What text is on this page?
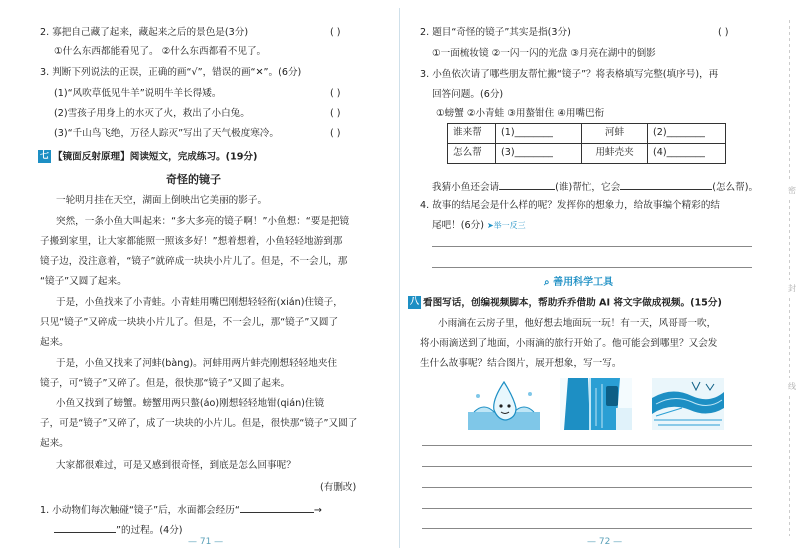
2. 寡把自己藏了起来，藏起来之后的景色是(3分)	( )
①什么东西都能看见了。 ②什么东西都看不见了。
3. 判断下列说法的正误，正确的画“√”，错误的画“✕”。(6分)
(1)“风吹草低见牛羊”说明牛羊长得矮。	( )
(2)雪孩子用身上的水灭了火，救出了小白兔。	( )
(3)“千山鸟飞绝，万径人踪灭”写出了天气极度寒冷。	( )
七 【镜面反射原理】阅读短文，完成练习。(19分)
奇怪的镜子
一轮明月挂在天空，湖面上倒映出它美丽的影子。
突然，一条小鱼大叫起来：“多大多亮的镜子啊！”小鱼想：“要是把镜
子搬到家里，让大家都能照一照该多好！”想着想着，小鱼轻轻地游到那
镜子边，没注意着，“镜子”就碎成一块块小片儿了。但是，不一会儿，那
“镜子”又圆了起来。
于是，小鱼找来了小青蛙。小青蛙用嘴巴刚想轻轻衔(xián)住镜子，
只见“镜子”又碎成一块块小片儿了。但是，不一会儿，那“镜子”又圆了
起来。
于是，小鱼又找来了河蚌(bàng)。河蚌用两片蚌壳刚想轻轻地夹住
镜子，可“镜子”又碎了。但是，很快那“镜子”又圆了起来。
小鱼又找到了螃蟹。螃蟹用两只螯(áo)刚想轻轻地钳(qián)住镜
子，可是“镜子”又碎了，成了一块块的小片儿。但是，很快那“镜子”又圆了
起来。
大家都很难过，可是又感到很奇怪，到底是怎么回事呢？
(有删改)
1. 小动物们每次触碰“镜子”后，水面都会经历“	→
”的过程。(4分)
— 71 —
2. 题目“奇怪的镜子”其实是指(3分)	( )
①一面梳妆镜 ②一闪一闪的光盘 ③月亮在湖中的倒影
3. 小鱼依次请了哪些朋友帮忙搬“镜子”？将表格填写完整(填序号)，再
回答问题。(6分)
①螃蟹 ②小青蛙 ③用螯钳住 ④用嘴巴衔
谁来帮	(1)________	河蚌	(2)________
怎么帮	(3)________	用蚌壳夹	(4)________
我猜小鱼还会请	(谁)帮忙，它会	(怎么帮)。
4. 故事的结尾会是什么样的呢？发挥你的想象力，给故事编个精彩的结
尾吧！(6分) ➤举一反三
⌕ 善用科学工具
八 看图写话，创编视频脚本，帮助乔乔借助 AI 将文字做成视频。(15分)
小雨滴在云房子里，他好想去地面玩一玩！有一天，风哥哥一吹，
将小雨滴送到了地面，小雨滴的旅行开始了。他可能会到哪里？又会发
生什么故事呢？结合图片，展开想象，写一写。
— 72 —
密
封
线
